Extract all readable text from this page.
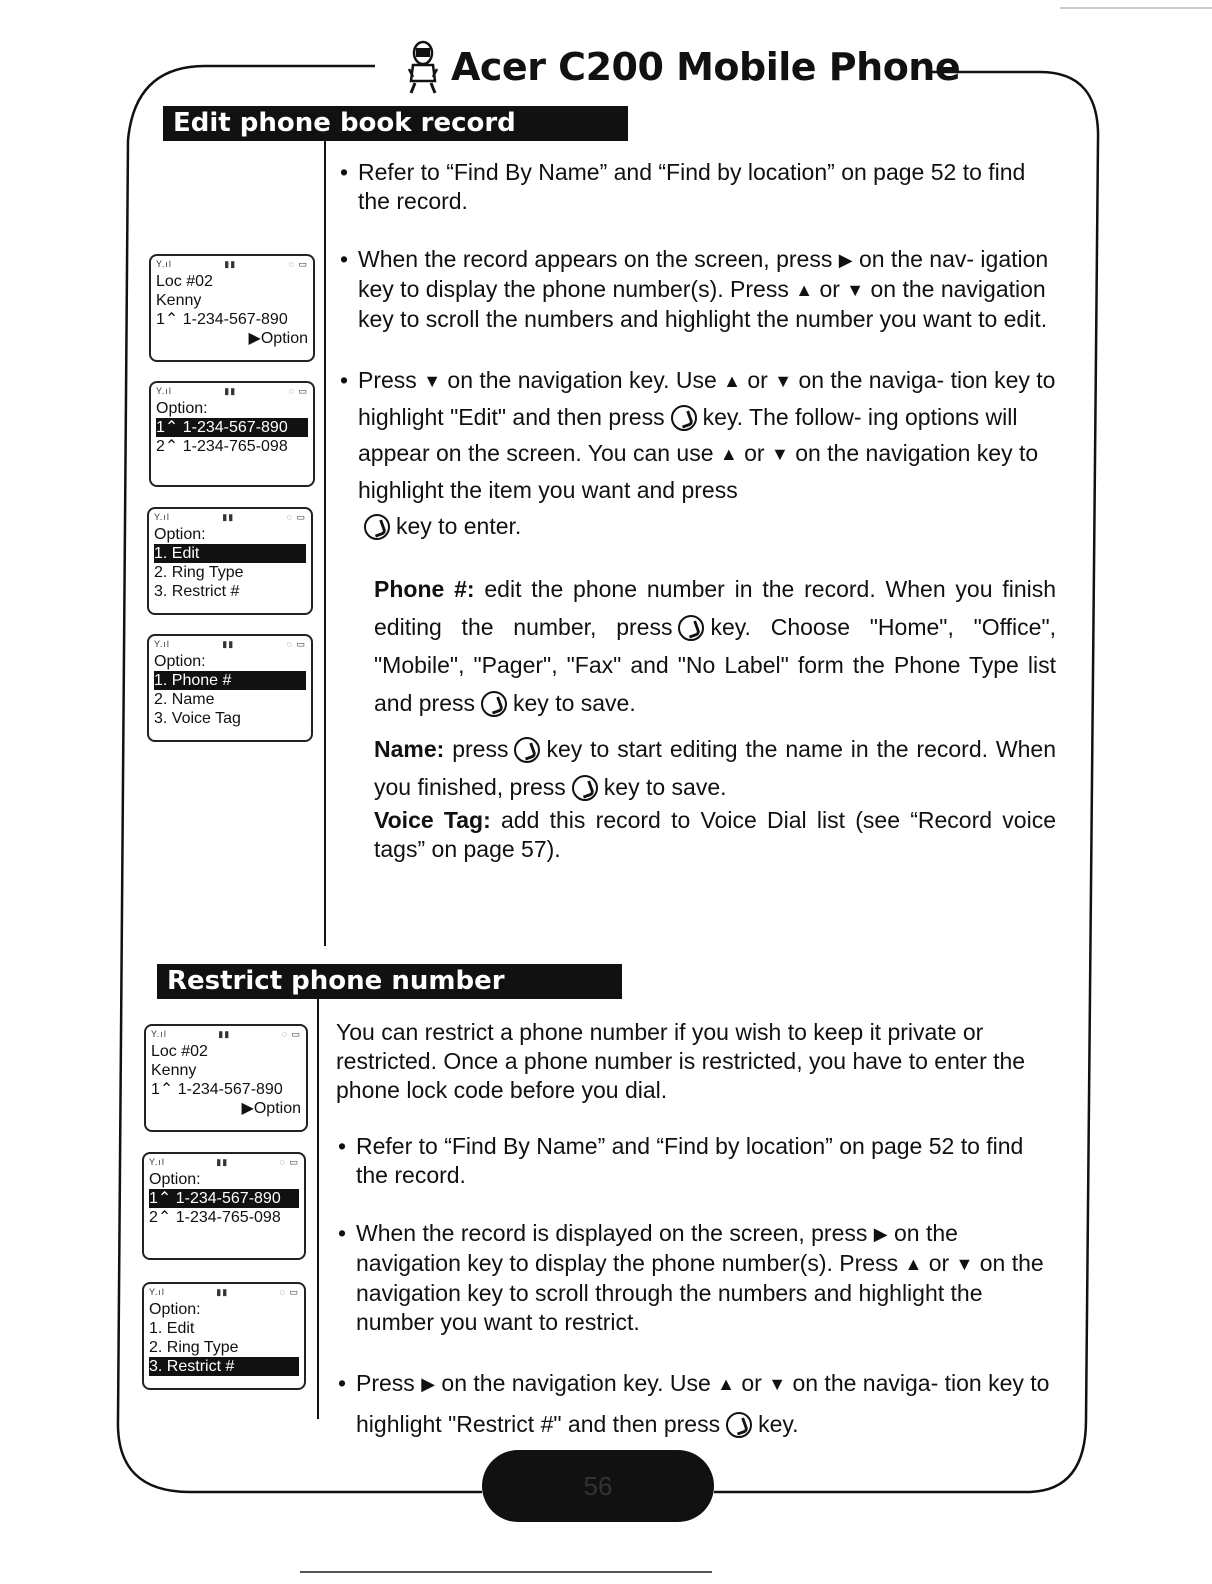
Acer C200 Mobile Phone
Edit phone book record
Y.ıl	▮▮	◌ ▭
Loc #02
Kenny
1⌃ 1-234-567-890
▶Option
Y.ıl	▮▮	◌ ▭
Option:
1⌃ 1-234-567-890
2⌃ 1-234-765-098
Y.ıl	▮▮	◌ ▭
Option:
1. Edit
2. Ring Type
3. Restrict #
Y.ıl	▮▮	◌ ▭
Option:
1. Phone #
2. Name
3. Voice Tag

• Refer to “Find By Name” and “Find by location” on page 52 to find the record.

• When the record appears on the screen, press ▶ on the nav- igation key to display the phone number(s). Press ▲ or ▼ on the navigation key to scroll the numbers and highlight the number you want to edit.

• Press ▼ on the navigation key. Use ▲ or ▼ on the naviga- tion key to highlight "Edit" and then press key. The follow- ing options will appear on the screen. You can use ▲ or ▼ on the navigation key to highlight the item you want and press
key to enter.

Phone #: edit the phone number in the record. When you finish editing the number, press key. Choose "Home", "Office", "Mobile", "Pager", "Fax" and "No Label" form the Phone Type list and press key to save.

Name: press key to start editing the name in the record. When you finished, press key to save.

Voice Tag: add this record to Voice Dial list (see “Record voice tags” on page 57).

Restrict phone number
Y.ıl	▮▮	◌ ▭
Loc #02
Kenny
1⌃ 1-234-567-890
▶Option
Y.ıl	▮▮	◌ ▭
Option:
1⌃ 1-234-567-890
2⌃ 1-234-765-098
Y.ıl	▮▮	◌ ▭
Option:
1. Edit
2. Ring Type
3. Restrict #

You can restrict a phone number if you wish to keep it private or restricted. Once a phone number is restricted, you have to enter the phone lock code before you dial.

• Refer to “Find By Name” and “Find by location” on page 52 to find the record.

• When the record is displayed on the screen, press ▶ on the navigation key to display the phone number(s). Press ▲ or ▼ on the navigation key to scroll through the numbers and highlight the number you want to restrict.

• Press ▶ on the navigation key. Use ▲ or ▼ on the naviga- tion key to highlight "Restrict #" and then press key.

56
